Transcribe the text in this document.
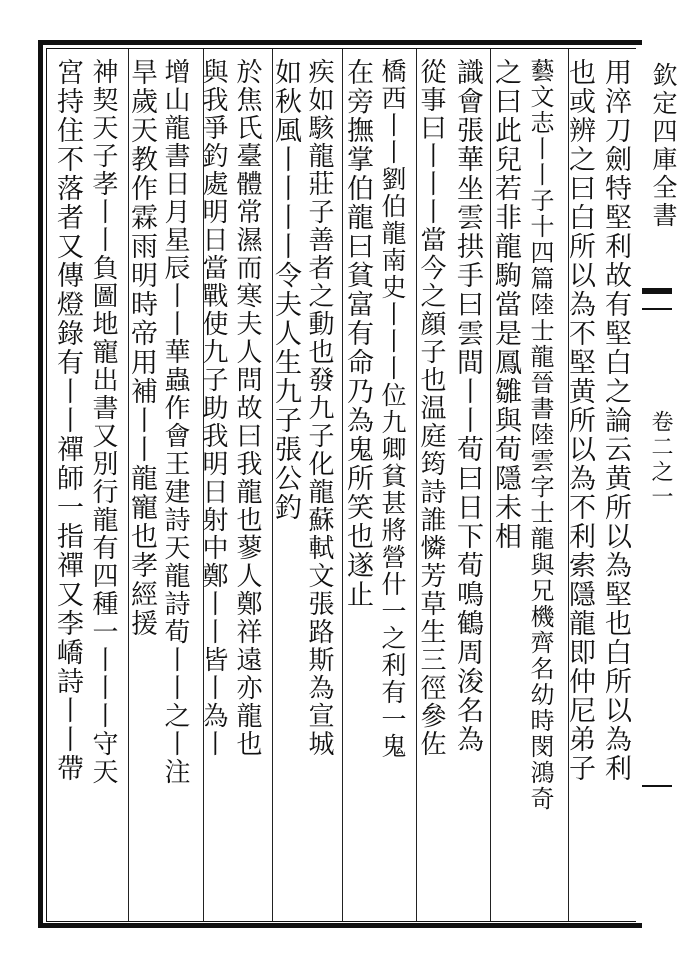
欽定四庫全書
卷二之一
用淬刀劍特堅利故有堅白之論云黄所以為堅也白所以為利
也或辨之曰白所以為不堅黄所以為不利索隱龍即仲尼弟子
藝文志丨丨子十四篇陸士龍晉書陸雲字士龍與兄機齊名幼時閔鴻奇
之曰此兒若非龍駒當是鳳雛與荀隱未相
識會張華坐雲拱手曰雲間丨丨荀曰日下荀鳴鶴周浚名為
從事曰丨丨丨當今之顔子也温庭筠詩誰憐芳草生三徑參佐
橋西丨丨劉伯龍南史丨丨丨位九卿貧甚將營什一之利有一鬼
在旁撫掌伯龍曰貧富有命乃為鬼所笑也遂止
疾如駭龍莊子善者之動也發九子化龍蘇軾文張路斯為宣城
如秋風丨丨丨丨令夫人生九子張公釣
於焦氏臺體常濕而寒夫人問故曰我龍也蓼人鄭祥遠亦龍也
與我爭釣處明日當戰使九子助我明日射中鄭丨丨皆丨為丨
增山龍書日月星辰丨丨華蟲作會王建詩天龍詩荀丨丨之丨注
旱歲天教作霖雨明時帝用補丨丨龍寵也孝經援
神契天子孝丨丨負圖地寵出書又別行龍有四種一丨丨丨守天
宮持住不落者又傳燈錄有丨丨禪師一指禪又李嶠詩丨丨帶
